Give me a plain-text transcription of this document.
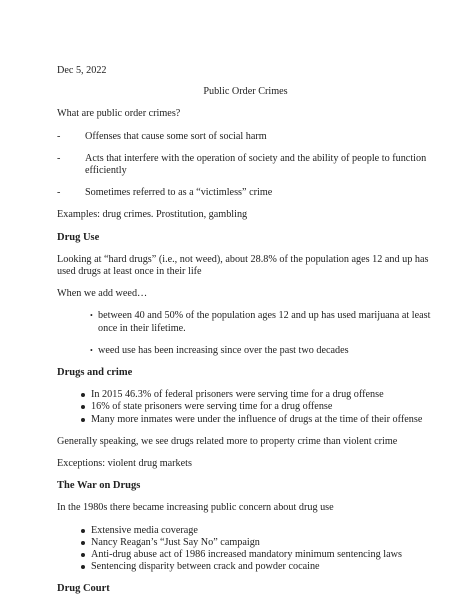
Dec 5, 2022

Public Order Crimes

What are public order crimes?

-	Offenses that cause some sort of social harm
-	Acts that interfere with the operation of society and the ability of people to function efficiently
-	Sometimes referred to as a “victimless” crime

Examples: drug crimes. Prostitution, gambling

Drug Use

Looking at “hard drugs” (i.e., not weed), about 28.8% of the population ages 12 and up has used drugs at least once in their life

When we add weed…

• between 40 and 50% of the population ages 12 and up has used marijuana at least once in their lifetime.
• weed use has been increasing since over the past two decades
Drugs and crime
In 2015 46.3% of federal prisoners were serving time for a drug offense
16% of state prisoners were serving time for a drug offense
Many more inmates were under the influence of drugs at the time of their offense

Generally speaking, we see drugs related more to property crime than violent crime

Exceptions: violent drug markets

The War on Drugs

In the 1980s there became increasing public concern about drug use

Extensive media coverage
Nancy Reagan’s “Just Say No” campaign
Anti-drug abuse act of 1986 increased mandatory minimum sentencing laws
Sentencing disparity between crack and powder cocaine
Drug Court
